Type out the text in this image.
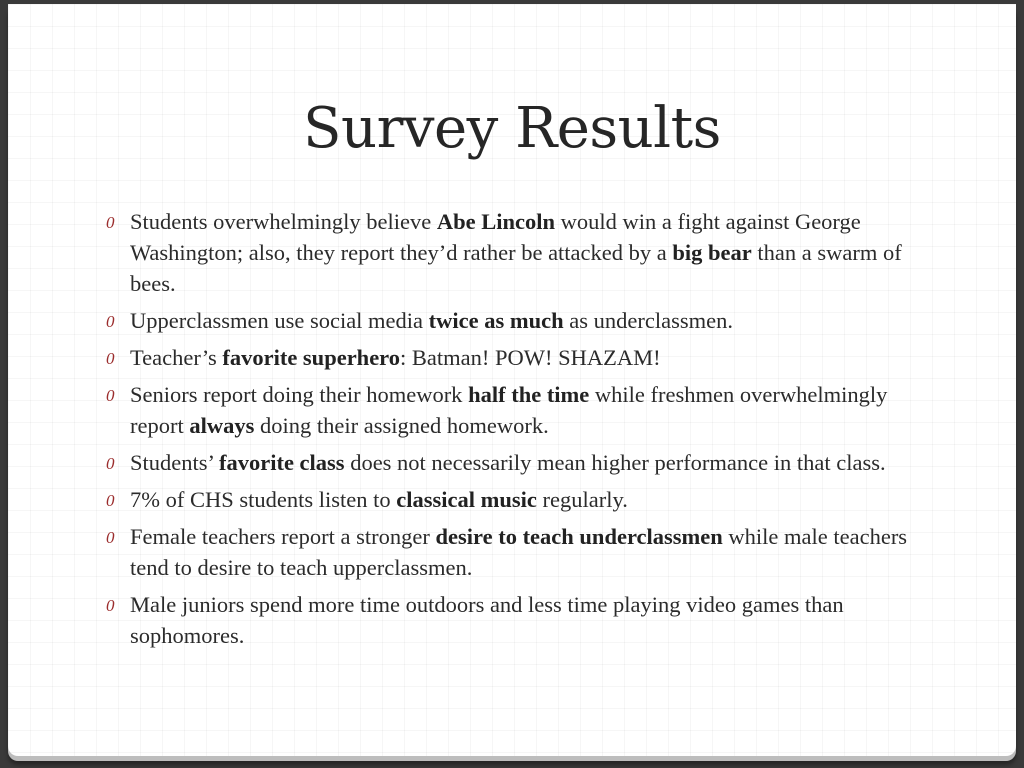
Survey Results
0 Students overwhelmingly believe Abe Lincoln would win a fight against George Washington; also, they report they’d rather be attacked by a big bear than a swarm of bees.
0 Upperclassmen use social media twice as much as underclassmen.
0 Teacher’s favorite superhero: Batman! POW! SHAZAM!
0 Seniors report doing their homework half the time while freshmen overwhelmingly report always doing their assigned homework.
0 Students’ favorite class does not necessarily mean higher performance in that class.
0 7% of CHS students listen to classical music regularly.
0 Female teachers report a stronger desire to teach underclassmen while male teachers tend to desire to teach upperclassmen.
0 Male juniors spend more time outdoors and less time playing video games than sophomores.
